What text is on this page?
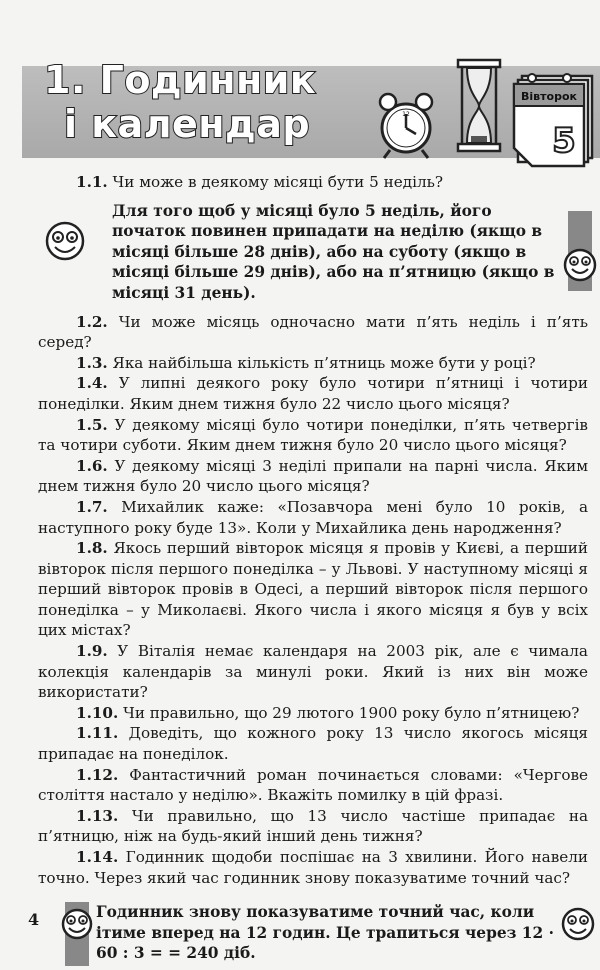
1. Годинник
і календар	12
Вівторок
5

1.1. Чи може в деякому місяці бути 5 неділь?

Для того щоб у місяці було 5 неділь, його початок повинен припадати на неділю (якщо в місяці більше 28 днів), або на суботу (якщо в місяці більше 29 днів), або на п’ятницю (якщо в місяці 31 день).

1.2. Чи може місяць одночасно мати п’ять неділь і п’ять серед?

1.3. Яка найбільша кількість п’ятниць може бути у році?

1.4. У липні деякого року було чотири п’ятниці і чотири понеділки. Яким днем тижня було 22 число цього місяця?

1.5. У деякому місяці було чотири понеділки, п’ять четвергів та чотири суботи. Яким днем тижня було 20 число цього місяця?

1.6. У деякому місяці 3 неділі припали на парні числа. Яким днем тижня було 20 число цього місяця?

1.7. Михайлик каже: «Позавчора мені було 10 років, а наступного року буде 13». Коли у Михайлика день народження?

1.8. Якось перший вівторок місяця я провів у Києві, а перший вівторок після першого понеділка – у Львові. У наступному місяці я перший вівторок провів в Одесі, а перший вівторок після першого понеділка – у Миколаєві. Якого числа і якого місяця я був у всіх цих містах?

1.9. У Віталія немає календаря на 2003 рік, але є чимала колекція календарів за минулі роки. Який із них він може використати?

1.10. Чи правильно, що 29 лютого 1900 року було п’ятницею?

1.11. Доведіть, що кожного року 13 число якогось місяця припадає на понеділок.

1.12. Фантастичний роман починається словами: «Чергове століття настало у неділю». Вкажіть помилку в цій фразі.

1.13. Чи правильно, що 13 число частіше припадає на п’ятницю, ніж на будь-який інший день тижня?

1.14. Годинник щодоби поспішає на 3 хвилини. Його навели точно. Через який час годинник знову показуватиме точний час?

Годинник знову показуватиме точний час, коли ітиме вперед на 12 годин. Це трапиться через 12 · 60 : 3 = = 240 діб.

4
